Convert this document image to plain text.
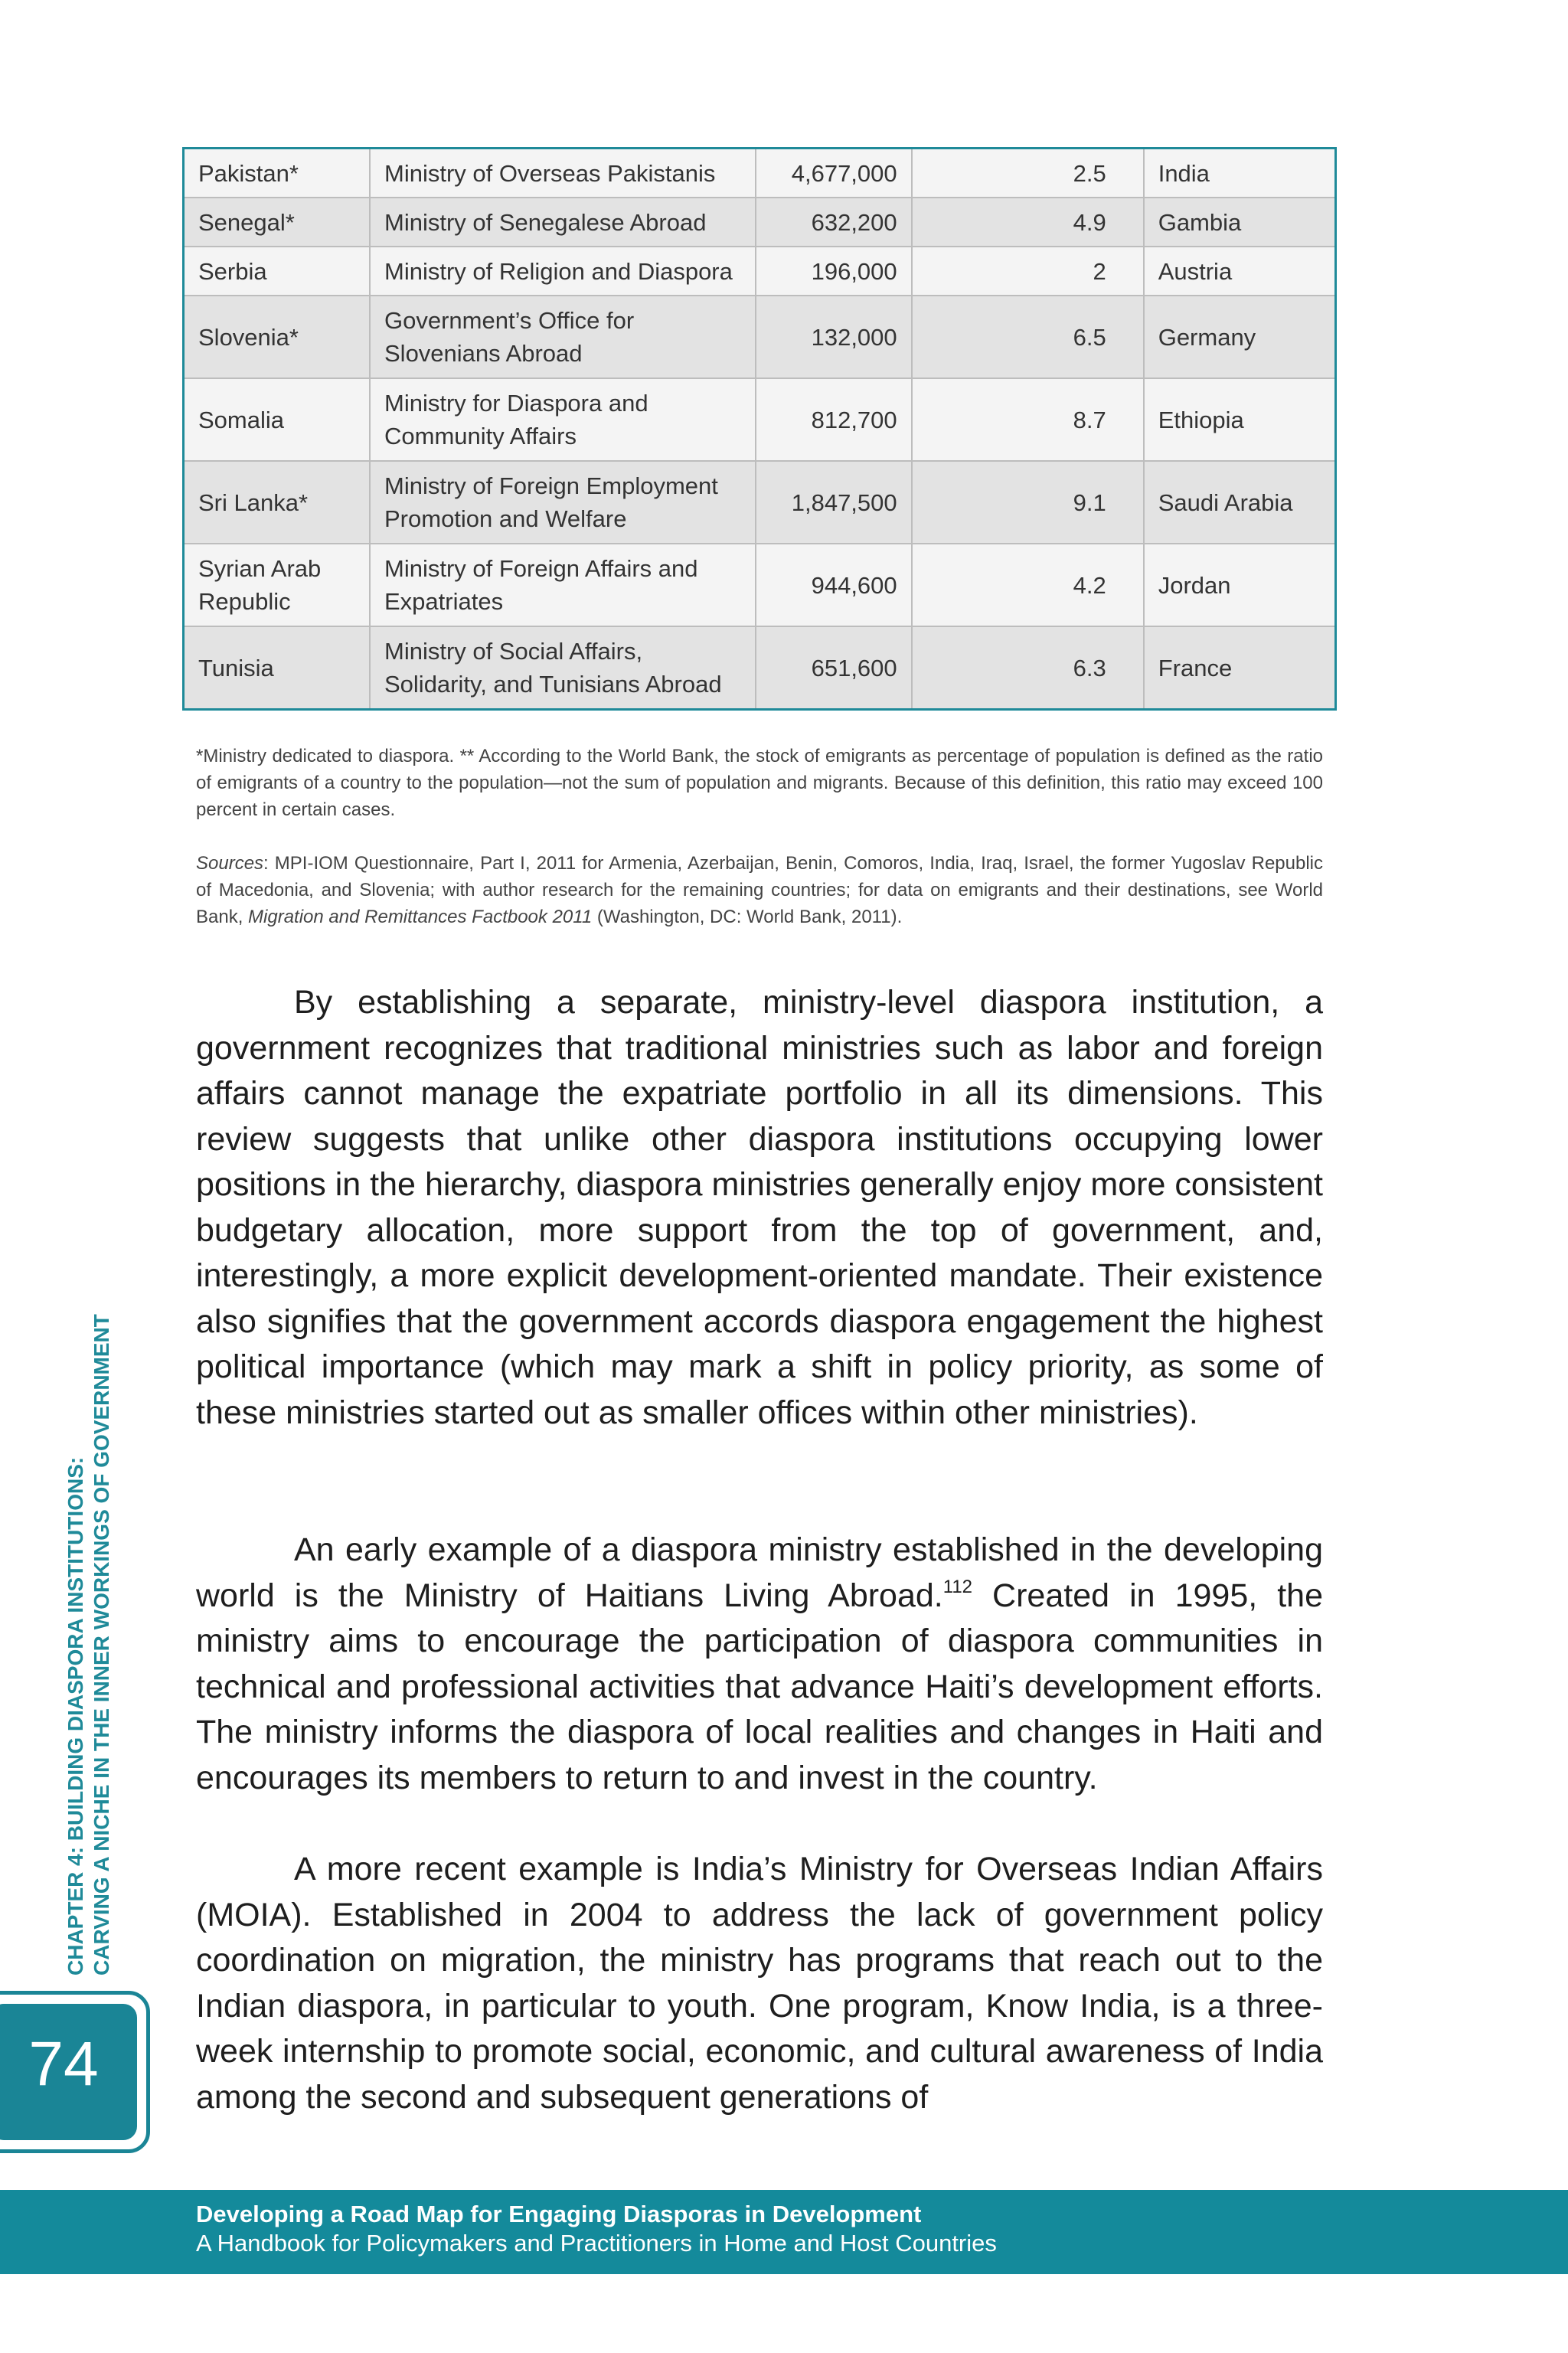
Pakistan*	Ministry of Overseas Pakistanis	4,677,000	2.5	India
Senegal*	Ministry of Senegalese Abroad	632,200	4.9	Gambia
Serbia	Ministry of Religion and Diaspora	196,000	2	Austria
Slovenia*	Government’s Office for Slovenians Abroad	132,000	6.5	Germany
Somalia	Ministry for Diaspora and Community Affairs	812,700	8.7	Ethiopia
Sri Lanka*	Ministry of Foreign Employment Promotion and Welfare	1,847,500	9.1	Saudi Arabia
Syrian Arab Republic	Ministry of Foreign Affairs and Expatriates	944,600	4.2	Jordan
Tunisia	Ministry of Social Affairs, Solidarity, and Tunisians Abroad	651,600	6.3	France
*Ministry dedicated to diaspora. ** According to the World Bank, the stock of emigrants as percentage of population is defined as the ratio of emigrants of a country to the population—not the sum of population and migrants. Because of this definition, this ratio may exceed 100 percent in certain cases.
Sources: MPI-IOM Questionnaire, Part I, 2011 for Armenia, Azerbaijan, Benin, Comoros, India, Iraq, Israel, the former Yugoslav Republic of Macedonia, and Slovenia; with author research for the remaining countries; for data on emigrants and their destinations, see World Bank, Migration and Remittances Factbook 2011 (Washington, DC: World Bank, 2011).

By establishing a separate, ministry-level diaspora institution, a government recognizes that traditional ministries such as labor and foreign affairs cannot manage the expatriate portfolio in all its dimensions. This review suggests that unlike other diaspora institutions occupying lower positions in the hierarchy, diaspora ministries generally enjoy more consistent budgetary allocation, more support from the top of government, and, interestingly, a more explicit development-oriented mandate. Their existence also signifies that the government accords diaspora engagement the highest political importance (which may mark a shift in policy priority, as some of these ministries started out as smaller offices within other ministries).

An early example of a diaspora ministry established in the developing world is the Ministry of Haitians Living Abroad.$^{112}$ Created in 1995, the ministry aims to encourage the participation of diaspora communities in technical and professional activities that advance Haiti’s development efforts. The ministry informs the diaspora of local realities and changes in Haiti and encourages its members to return to and invest in the country.

A more recent example is India’s Ministry for Overseas Indian Affairs (MOIA). Established in 2004 to address the lack of government policy coordination on migration, the ministry has programs that reach out to the Indian diaspora, in particular to youth. One program, Know India, is a three-week internship to promote social, economic, and cultural awareness of India among the second and subsequent generations of

CHAPTER 4: BUILDING DIASPORA INSTITUTIONS: CARVING A NICHE IN THE INNER WORKINGS OF GOVERNMENT
74
Developing a Road Map for Engaging Diasporas in Development
A Handbook for Policymakers and Practitioners in Home and Host Countries
